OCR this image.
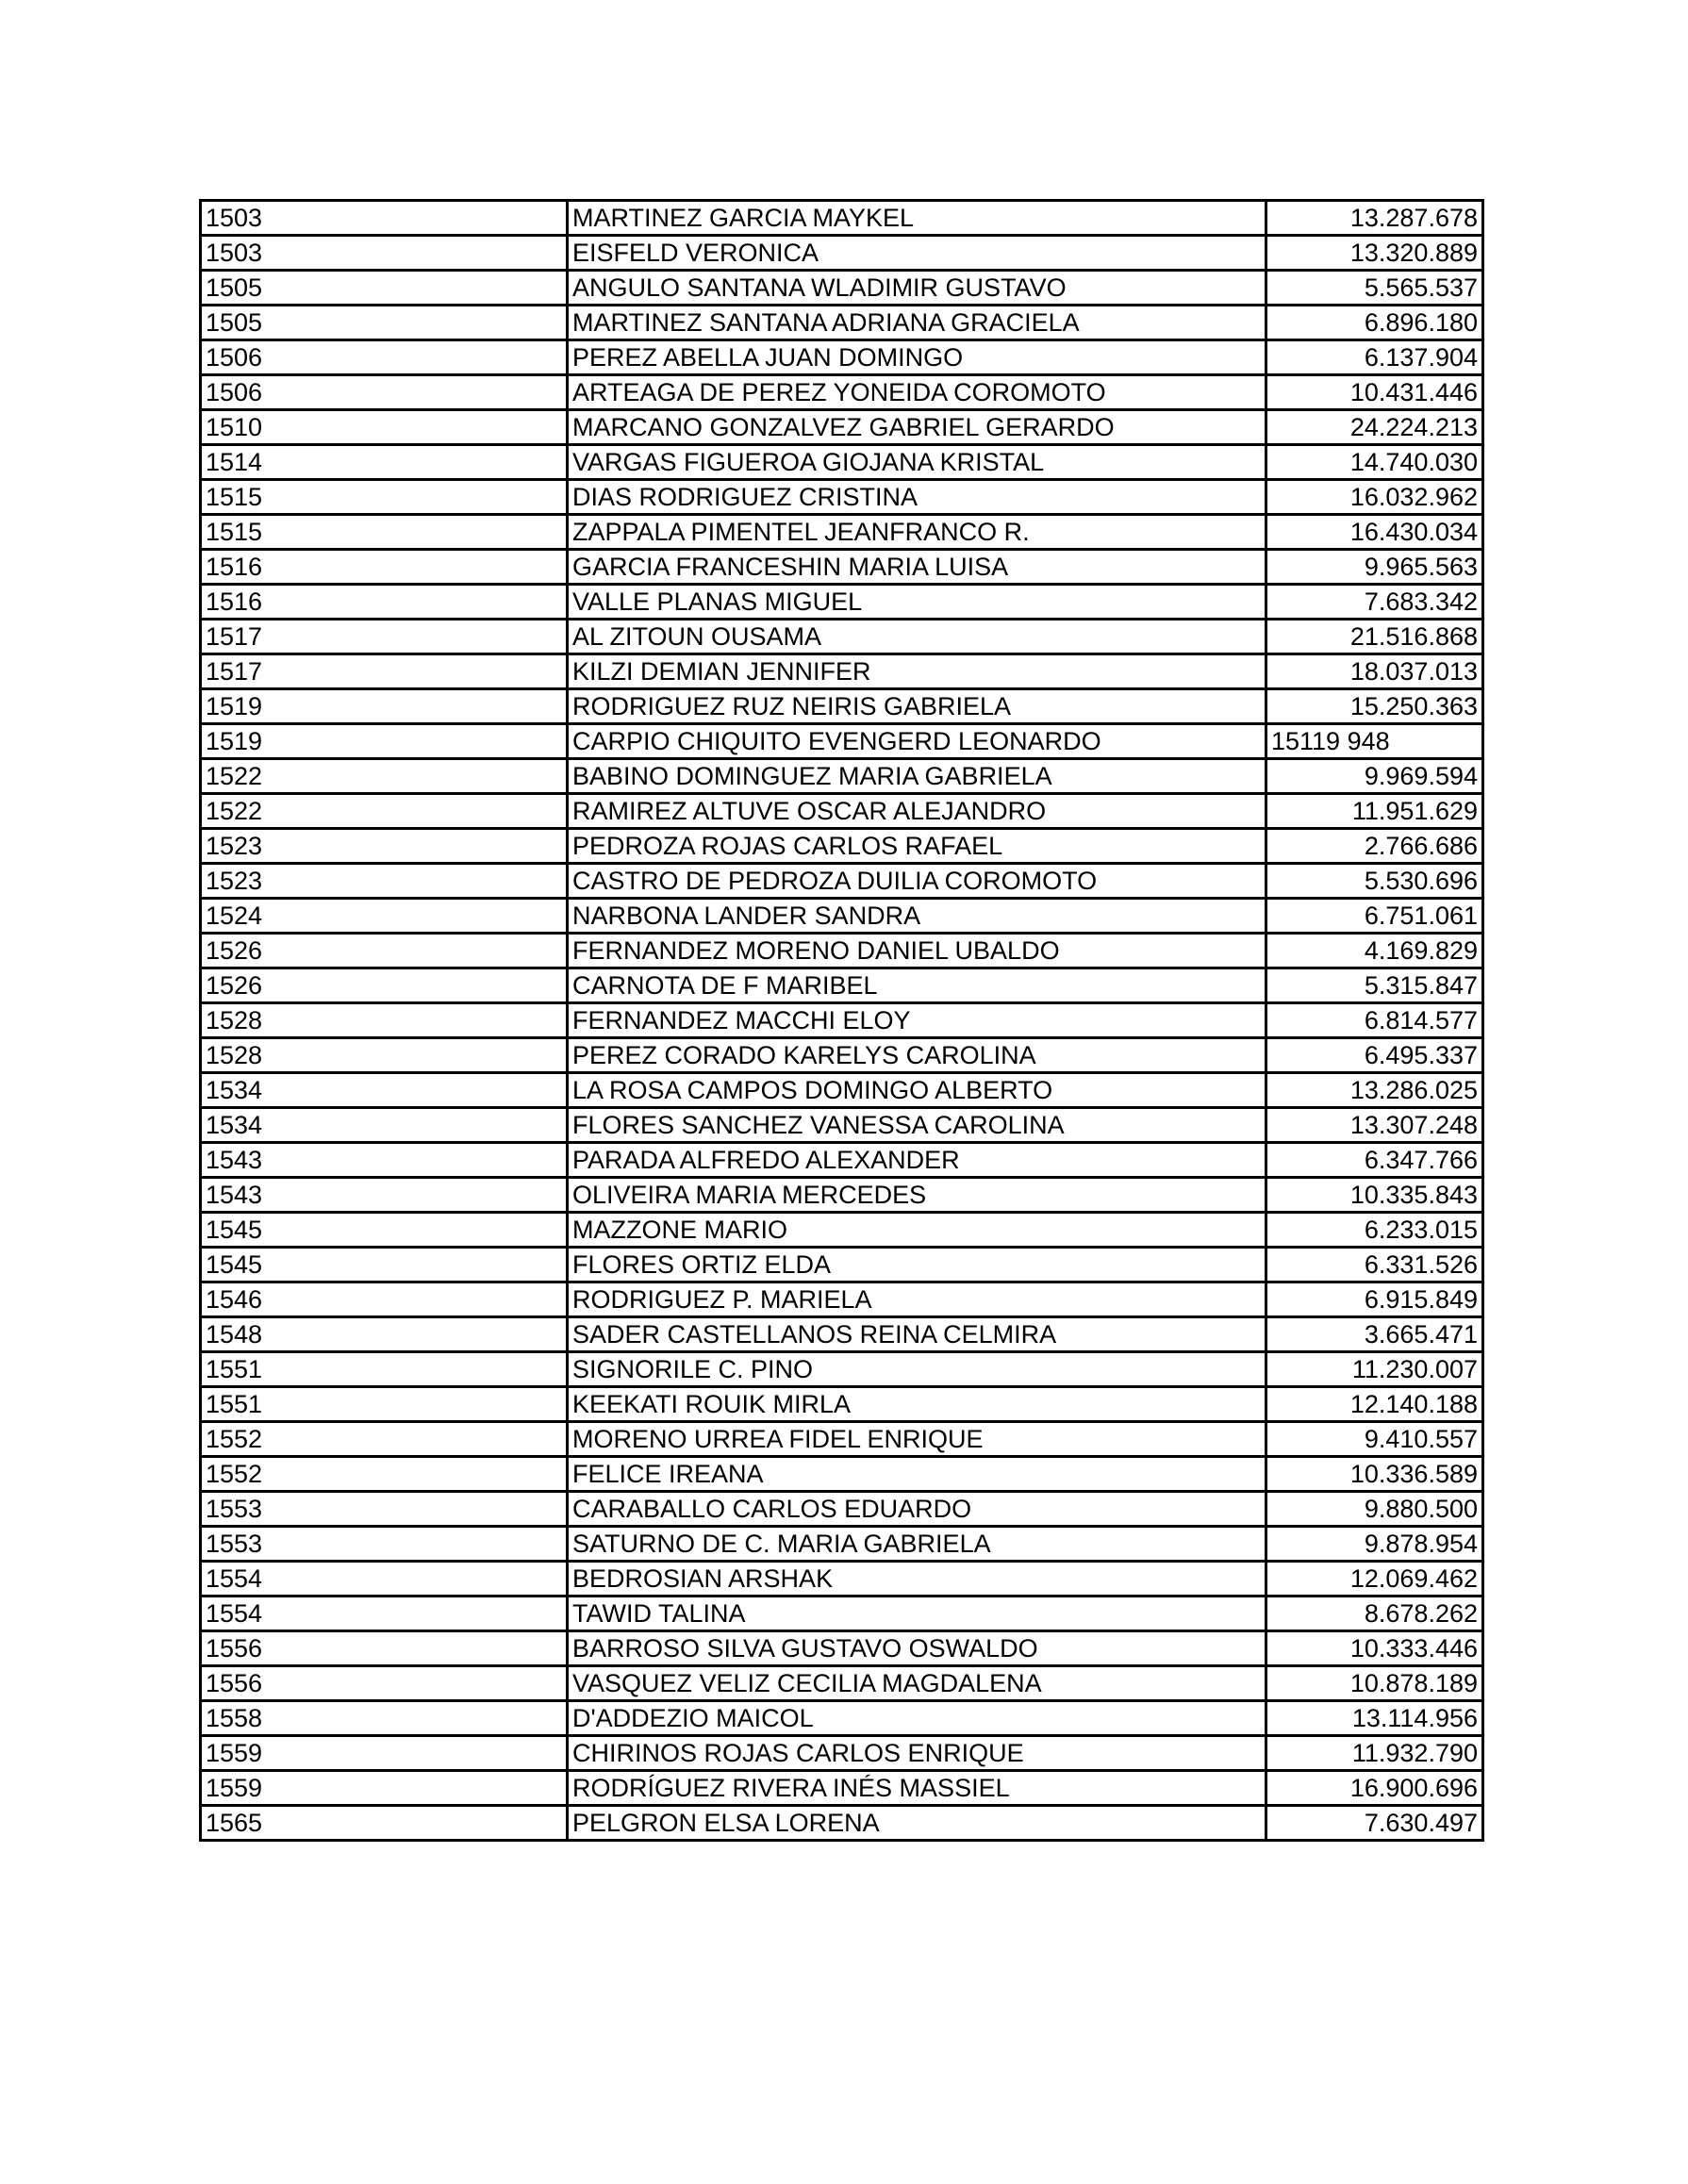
1503	MARTINEZ GARCIA MAYKEL	13.287.678
1503	EISFELD VERONICA	13.320.889
1505	ANGULO SANTANA WLADIMIR GUSTAVO	5.565.537
1505	MARTINEZ SANTANA ADRIANA GRACIELA	6.896.180
1506	PEREZ ABELLA JUAN DOMINGO	6.137.904
1506	ARTEAGA DE PEREZ YONEIDA COROMOTO	10.431.446
1510	MARCANO GONZALVEZ GABRIEL GERARDO	24.224.213
1514	VARGAS FIGUEROA GIOJANA KRISTAL	14.740.030
1515	DIAS RODRIGUEZ CRISTINA	16.032.962
1515	ZAPPALA PIMENTEL JEANFRANCO R.	16.430.034
1516	GARCIA FRANCESHIN MARIA LUISA	9.965.563
1516	VALLE PLANAS MIGUEL	7.683.342
1517	AL ZITOUN OUSAMA	21.516.868
1517	KILZI DEMIAN JENNIFER	18.037.013
1519	RODRIGUEZ RUZ NEIRIS GABRIELA	15.250.363
1519	CARPIO CHIQUITO EVENGERD LEONARDO	15119 948
1522	BABINO DOMINGUEZ MARIA GABRIELA	9.969.594
1522	RAMIREZ ALTUVE OSCAR ALEJANDRO	11.951.629
1523	PEDROZA ROJAS CARLOS RAFAEL	2.766.686
1523	CASTRO DE PEDROZA DUILIA COROMOTO	5.530.696
1524	NARBONA LANDER SANDRA	6.751.061
1526	FERNANDEZ MORENO DANIEL UBALDO	4.169.829
1526	CARNOTA DE F MARIBEL	5.315.847
1528	FERNANDEZ MACCHI ELOY	6.814.577
1528	PEREZ CORADO KARELYS CAROLINA	6.495.337
1534	LA ROSA CAMPOS DOMINGO ALBERTO	13.286.025
1534	FLORES SANCHEZ VANESSA CAROLINA	13.307.248
1543	PARADA ALFREDO ALEXANDER	6.347.766
1543	OLIVEIRA MARIA MERCEDES	10.335.843
1545	MAZZONE MARIO	6.233.015
1545	FLORES ORTIZ ELDA	6.331.526
1546	RODRIGUEZ P. MARIELA	6.915.849
1548	SADER CASTELLANOS REINA CELMIRA	3.665.471
1551	SIGNORILE C. PINO	11.230.007
1551	KEEKATI ROUIK MIRLA	12.140.188
1552	MORENO URREA FIDEL ENRIQUE	9.410.557
1552	FELICE IREANA	10.336.589
1553	CARABALLO CARLOS EDUARDO	9.880.500
1553	SATURNO DE C. MARIA GABRIELA	9.878.954
1554	BEDROSIAN ARSHAK	12.069.462
1554	TAWID TALINA	8.678.262
1556	BARROSO SILVA GUSTAVO OSWALDO	10.333.446
1556	VASQUEZ VELIZ CECILIA MAGDALENA	10.878.189
1558	D'ADDEZIO MAICOL	13.114.956
1559	CHIRINOS ROJAS CARLOS ENRIQUE	11.932.790
1559	RODRÍGUEZ RIVERA INÉS MASSIEL	16.900.696
1565	PELGRON ELSA LORENA	7.630.497
